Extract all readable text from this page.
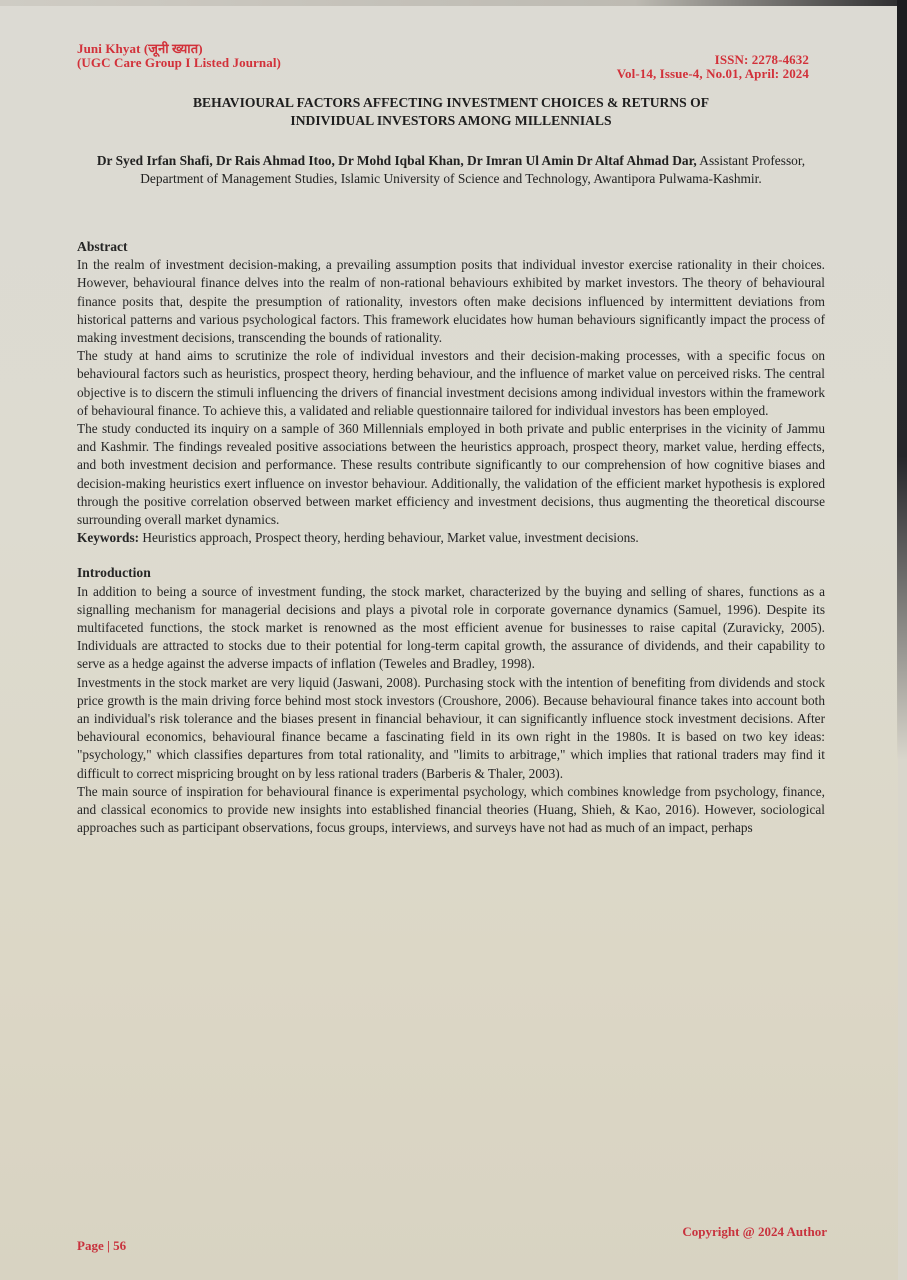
Juni Khyat (जूनी ख्यात)
(UGC Care Group I Listed Journal)	ISSN: 2278-4632
Vol-14, Issue-4, No.01, April: 2024
BEHAVIOURAL FACTORS AFFECTING INVESTMENT CHOICES & RETURNS OF
INDIVIDUAL INVESTORS AMONG MILLENNIALS
Dr Syed Irfan Shafi, Dr Rais Ahmad Itoo, Dr Mohd Iqbal Khan, Dr Imran Ul Amin Dr Altaf Ahmad Dar, Assistant Professor, Department of Management Studies, Islamic University of Science and Technology, Awantipora Pulwama-Kashmir.

Abstract

In the realm of investment decision-making, a prevailing assumption posits that individual investor exercise rationality in their choices. However, behavioural finance delves into the realm of non-rational behaviours exhibited by market investors. The theory of behavioural finance posits that, despite the presumption of rationality, investors often make decisions influenced by intermittent deviations from historical patterns and various psychological factors. This framework elucidates how human behaviours significantly impact the process of making investment decisions, transcending the bounds of rationality.

The study at hand aims to scrutinize the role of individual investors and their decision-making processes, with a specific focus on behavioural factors such as heuristics, prospect theory, herding behaviour, and the influence of market value on perceived risks. The central objective is to discern the stimuli influencing the drivers of financial investment decisions among individual investors within the framework of behavioural finance. To achieve this, a validated and reliable questionnaire tailored for individual investors has been employed.

The study conducted its inquiry on a sample of 360 Millennials employed in both private and public enterprises in the vicinity of Jammu and Kashmir. The findings revealed positive associations between the heuristics approach, prospect theory, market value, herding effects, and both investment decision and performance. These results contribute significantly to our comprehension of how cognitive biases and decision-making heuristics exert influence on investor behaviour. Additionally, the validation of the efficient market hypothesis is explored through the positive correlation observed between market efficiency and investment decisions, thus augmenting the theoretical discourse surrounding overall market dynamics.

Keywords: Heuristics approach, Prospect theory, herding behaviour, Market value, investment decisions.

Introduction

In addition to being a source of investment funding, the stock market, characterized by the buying and selling of shares, functions as a signalling mechanism for managerial decisions and plays a pivotal role in corporate governance dynamics (Samuel, 1996). Despite its multifaceted functions, the stock market is renowned as the most efficient avenue for businesses to raise capital (Zuravicky, 2005). Individuals are attracted to stocks due to their potential for long-term capital growth, the assurance of dividends, and their capability to serve as a hedge against the adverse impacts of inflation (Teweles and Bradley, 1998).

Investments in the stock market are very liquid (Jaswani, 2008). Purchasing stock with the intention of benefiting from dividends and stock price growth is the main driving force behind most stock investors (Croushore, 2006). Because behavioural finance takes into account both an individual's risk tolerance and the biases present in financial behaviour, it can significantly influence stock investment decisions. After behavioural economics, behavioural finance became a fascinating field in its own right in the 1980s. It is based on two key ideas: "psychology," which classifies departures from total rationality, and "limits to arbitrage," which implies that rational traders may find it difficult to correct mispricing brought on by less rational traders (Barberis & Thaler, 2003).

The main source of inspiration for behavioural finance is experimental psychology, which combines knowledge from psychology, finance, and classical economics to provide new insights into established financial theories (Huang, Shieh, & Kao, 2016). However, sociological approaches such as participant observations, focus groups, interviews, and surveys have not had as much of an impact, perhaps

Page | 56
Copyright @ 2024 Author
